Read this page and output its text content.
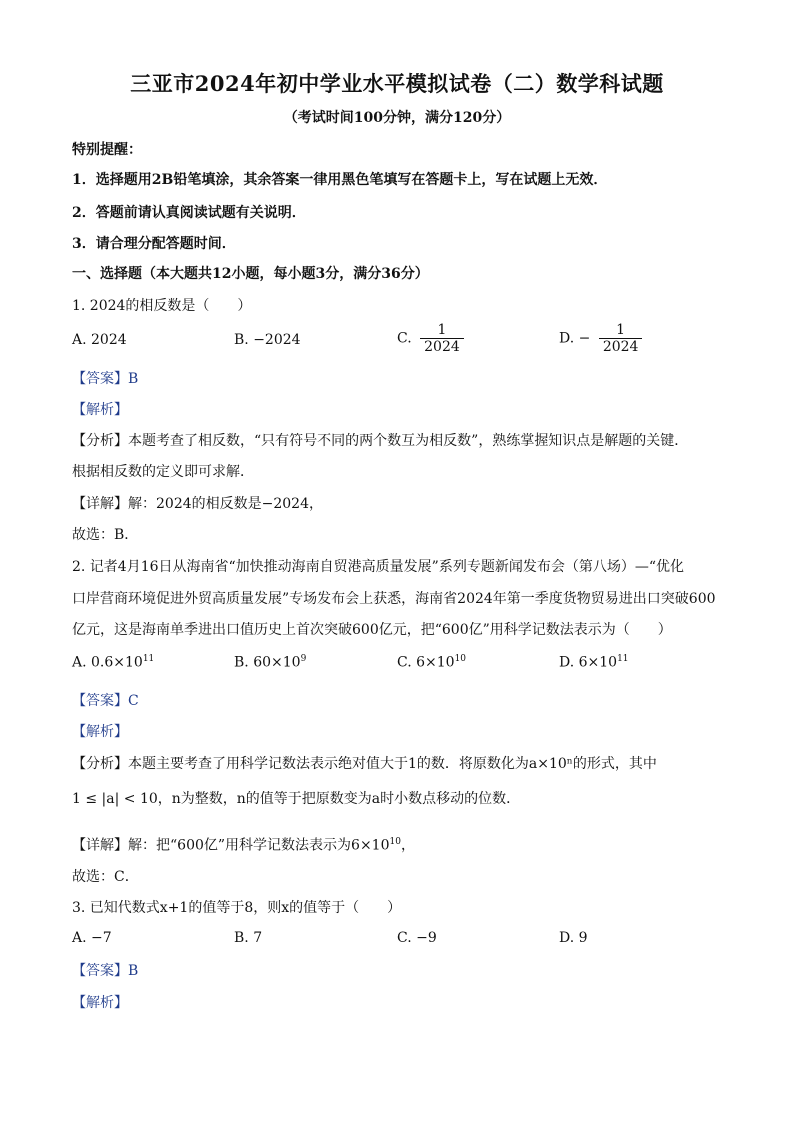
三亚市2024年初中学业水平模拟试卷（二）数学科试题
（考试时间100分钟，满分120分）
特别提醒：
1．选择题用2B铅笔填涂，其余答案一律用黑色笔填写在答题卡上，写在试题上无效．
2．答题前请认真阅读试题有关说明．
3．请合理分配答题时间．
一、选择题（本大题共12小题，每小题3分，满分36分）
1. 2024的相反数是（　　）
A. 2024	B. −2024	C. $\frac{1}{2024}$	D. − $\frac{1}{2024}$
【答案】B
【解析】
【分析】本题考查了相反数，“只有符号不同的两个数互为相反数”，熟练掌握知识点是解题的关键．
根据相反数的定义即可求解．
【详解】解：2024的相反数是−2024，
故选：B．
2. 记者4月16日从海南省“加快推动海南自贸港高质量发展”系列专题新闻发布会（第八场）—“优化
口岸营商环境促进外贸高质量发展”专场发布会上获悉，海南省2024年第一季度货物贸易进出口突破600
亿元，这是海南单季进出口值历史上首次突破600亿元，把“600亿”用科学记数法表示为（　　）
A. $0.6\times 10^{11}$	B. $60\times 10^9$	C. $6\times 10^{10}$	D. $6\times 10^{11}$
【答案】C
【解析】
【分析】本题主要考查了用科学记数法表示绝对值大于1的数．将原数化为a×10ⁿ的形式，其中
1 ≤ |a| < 10，n为整数，n的值等于把原数变为a时小数点移动的位数．
【详解】解：把“600亿”用科学记数法表示为$6\times 10^{10}$，
故选：C．
3. 已知代数式x+1的值等于8，则x的值等于（　　）
A. −7	B. 7	C. −9	D. 9
【答案】B
【解析】
